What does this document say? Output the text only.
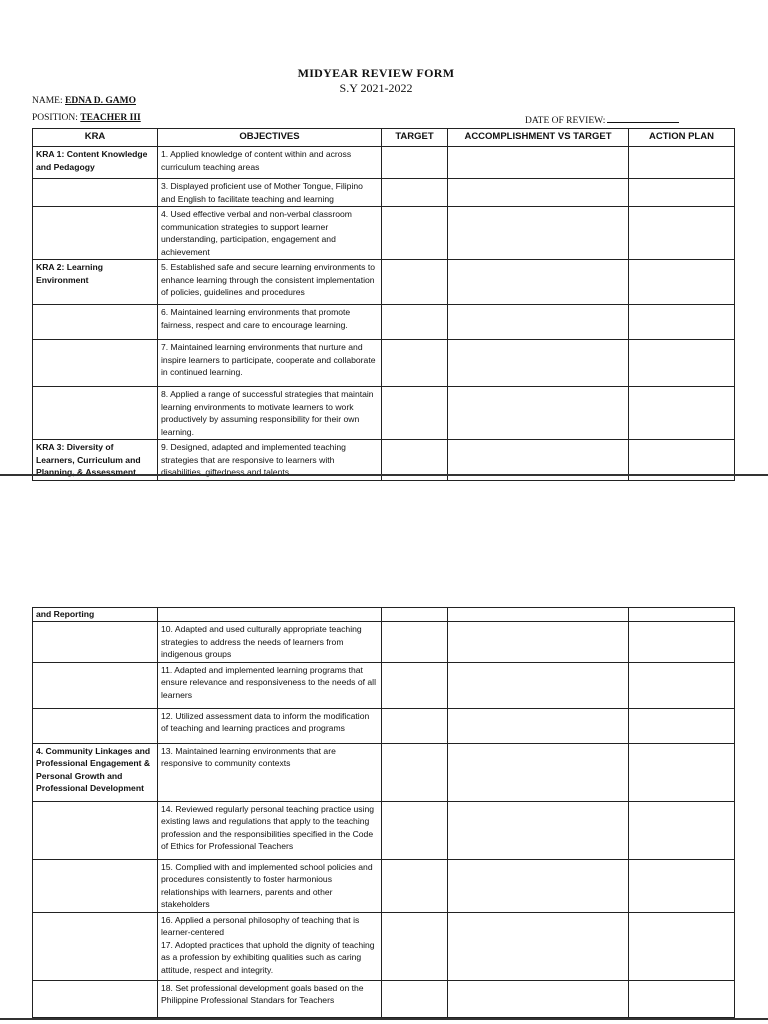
MIDYEAR REVIEW FORM
S.Y 2021-2022
NAME: EDNA D. GAMO
POSITION: TEACHER III	DATE OF REVIEW:
KRA	OBJECTIVES	TARGET	ACCOMPLISHMENT VS TARGET	ACTION PLAN
KRA 1: Content Knowledge and Pedagogy	1. Applied knowledge of content within and across curriculum teaching areas			
	3. Displayed proficient use of Mother Tongue, Filipino and English to facilitate teaching and learning			
	4. Used effective verbal and non-verbal classroom communication strategies to support learner understanding, participation, engagement and achievement			
KRA 2: Learning Environment	5. Established safe and secure learning environments to enhance learning through the consistent implementation of policies, guidelines and procedures			
	6. Maintained learning environments that promote fairness, respect and care to encourage learning.			
	7. Maintained learning environments that nurture and inspire learners to participate, cooperate and collaborate in continued learning.			
	8. Applied a range of successful strategies that maintain learning environments to motivate learners to work productively by assuming responsibility for their own learning.			
KRA 3: Diversity of Learners, Curriculum and Planning, & Assessment	9. Designed, adapted and implemented teaching strategies that are responsive to learners with disabilities, giftedness and talents			
and Reporting				
	10. Adapted and used culturally appropriate teaching strategies to address the needs of learners from indigenous groups			
	11. Adapted and implemented learning programs that ensure relevance and responsiveness to the needs of all learners			
	12. Utilized assessment data to inform the modification of teaching and learning practices and programs			
4. Community Linkages and Professional Engagement & Personal Growth and Professional Development	13. Maintained learning environments that are responsive to community contexts			
	14. Reviewed regularly personal teaching practice using existing laws and regulations that apply to the teaching profession and the responsibilities specified in the Code of Ethics for Professional Teachers			
	15. Complied with and implemented school policies and procedures consistently to foster harmonious relationships with learners, parents and other stakeholders			

	16. Applied a personal philosophy of teaching that is learner-centered
17. Adopted practices that uphold the dignity of teaching as a profession by exhibiting qualities such as caring attitude, respect and integrity.			

	18. Set professional development goals based on the Philippine Professional Standars for Teachers			
